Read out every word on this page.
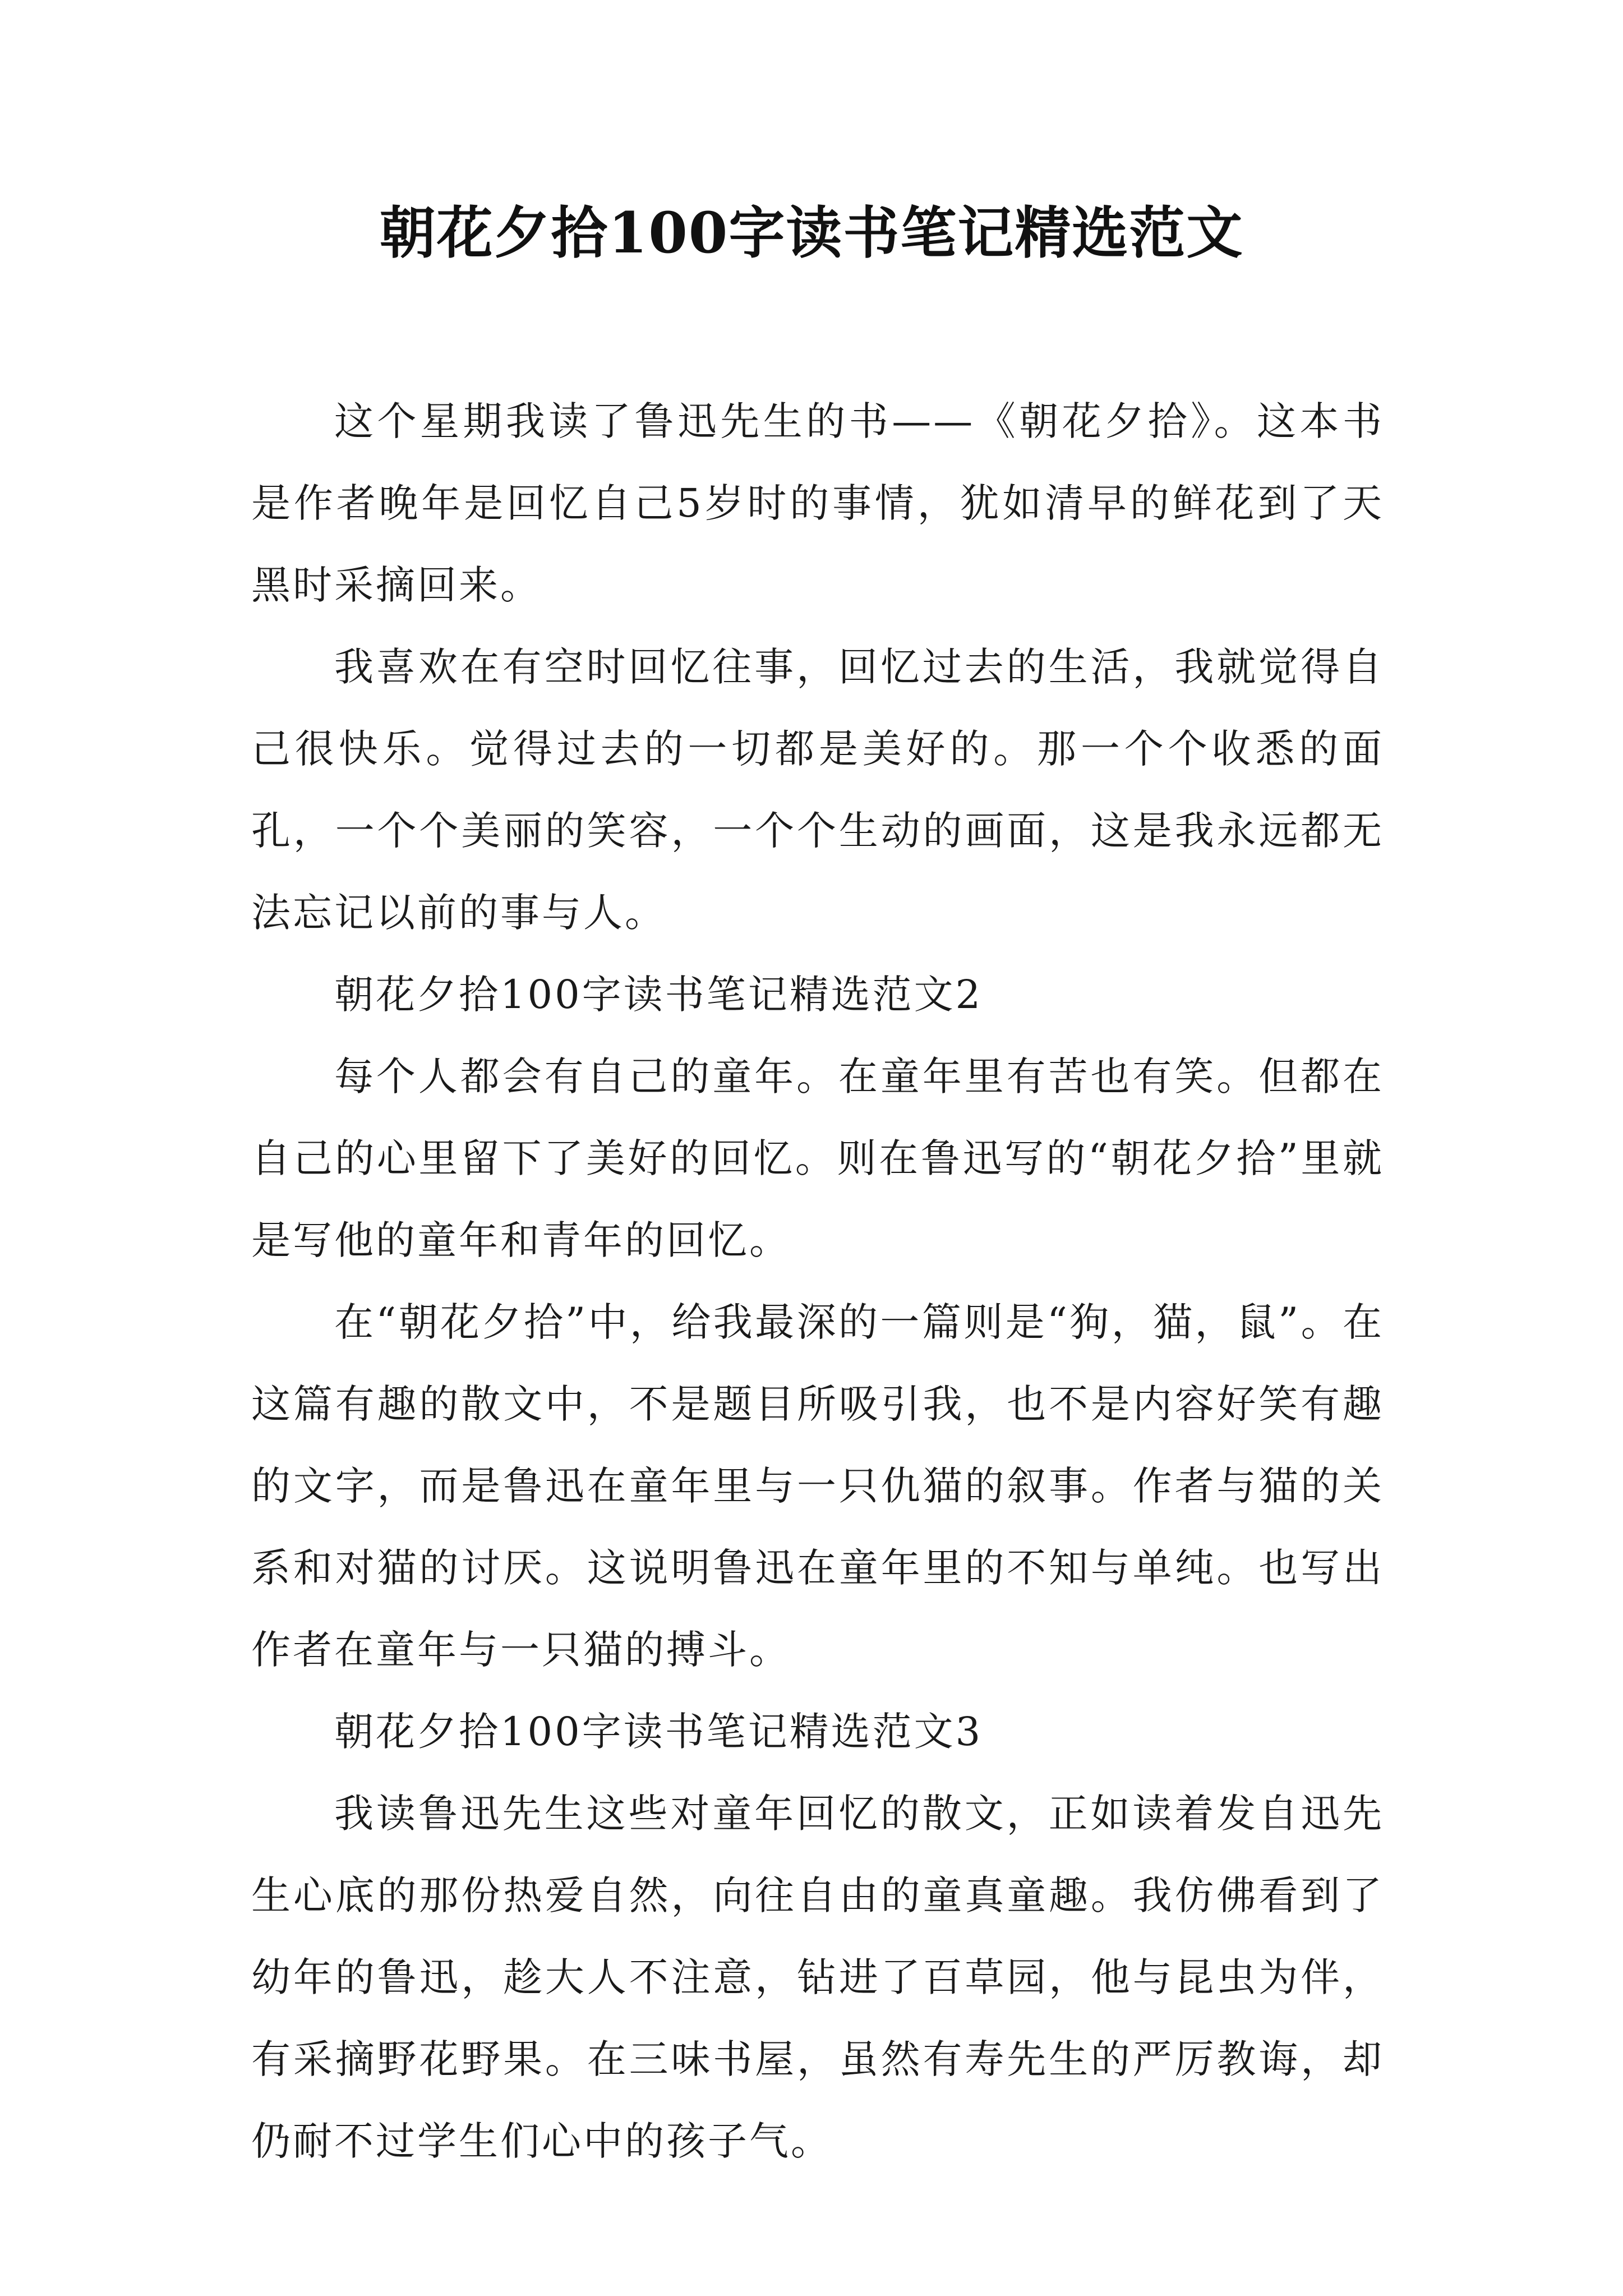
朝花夕拾100字读书笔记精选范文

这个星期我读了鲁迅先生的书——《朝花夕拾》。这本书是作者晚年是回忆自己5岁时的事情，犹如清早的鲜花到了天黑时采摘回来。

我喜欢在有空时回忆往事，回忆过去的生活，我就觉得自己很快乐。觉得过去的一切都是美好的。那一个个收悉的面孔，一个个美丽的笑容，一个个生动的画面，这是我永远都无法忘记以前的事与人。

朝花夕拾100字读书笔记精选范文2

每个人都会有自己的童年。在童年里有苦也有笑。但都在自己的心里留下了美好的回忆。则在鲁迅写的“朝花夕拾”里就是写他的童年和青年的回忆。

在“朝花夕拾”中，给我最深的一篇则是“狗，猫，鼠”。在这篇有趣的散文中，不是题目所吸引我，也不是内容好笑有趣的文字，而是鲁迅在童年里与一只仇猫的叙事。作者与猫的关系和对猫的讨厌。这说明鲁迅在童年里的不知与单纯。也写出作者在童年与一只猫的搏斗。

朝花夕拾100字读书笔记精选范文3

我读鲁迅先生这些对童年回忆的散文，正如读着发自迅先生心底的那份热爱自然，向往自由的童真童趣。我仿佛看到了幼年的鲁迅，趁大人不注意，钻进了百草园，他与昆虫为伴，有采摘野花野果。在三味书屋，虽然有寿先生的严厉教诲，却仍耐不过学生们心中的孩子气。
